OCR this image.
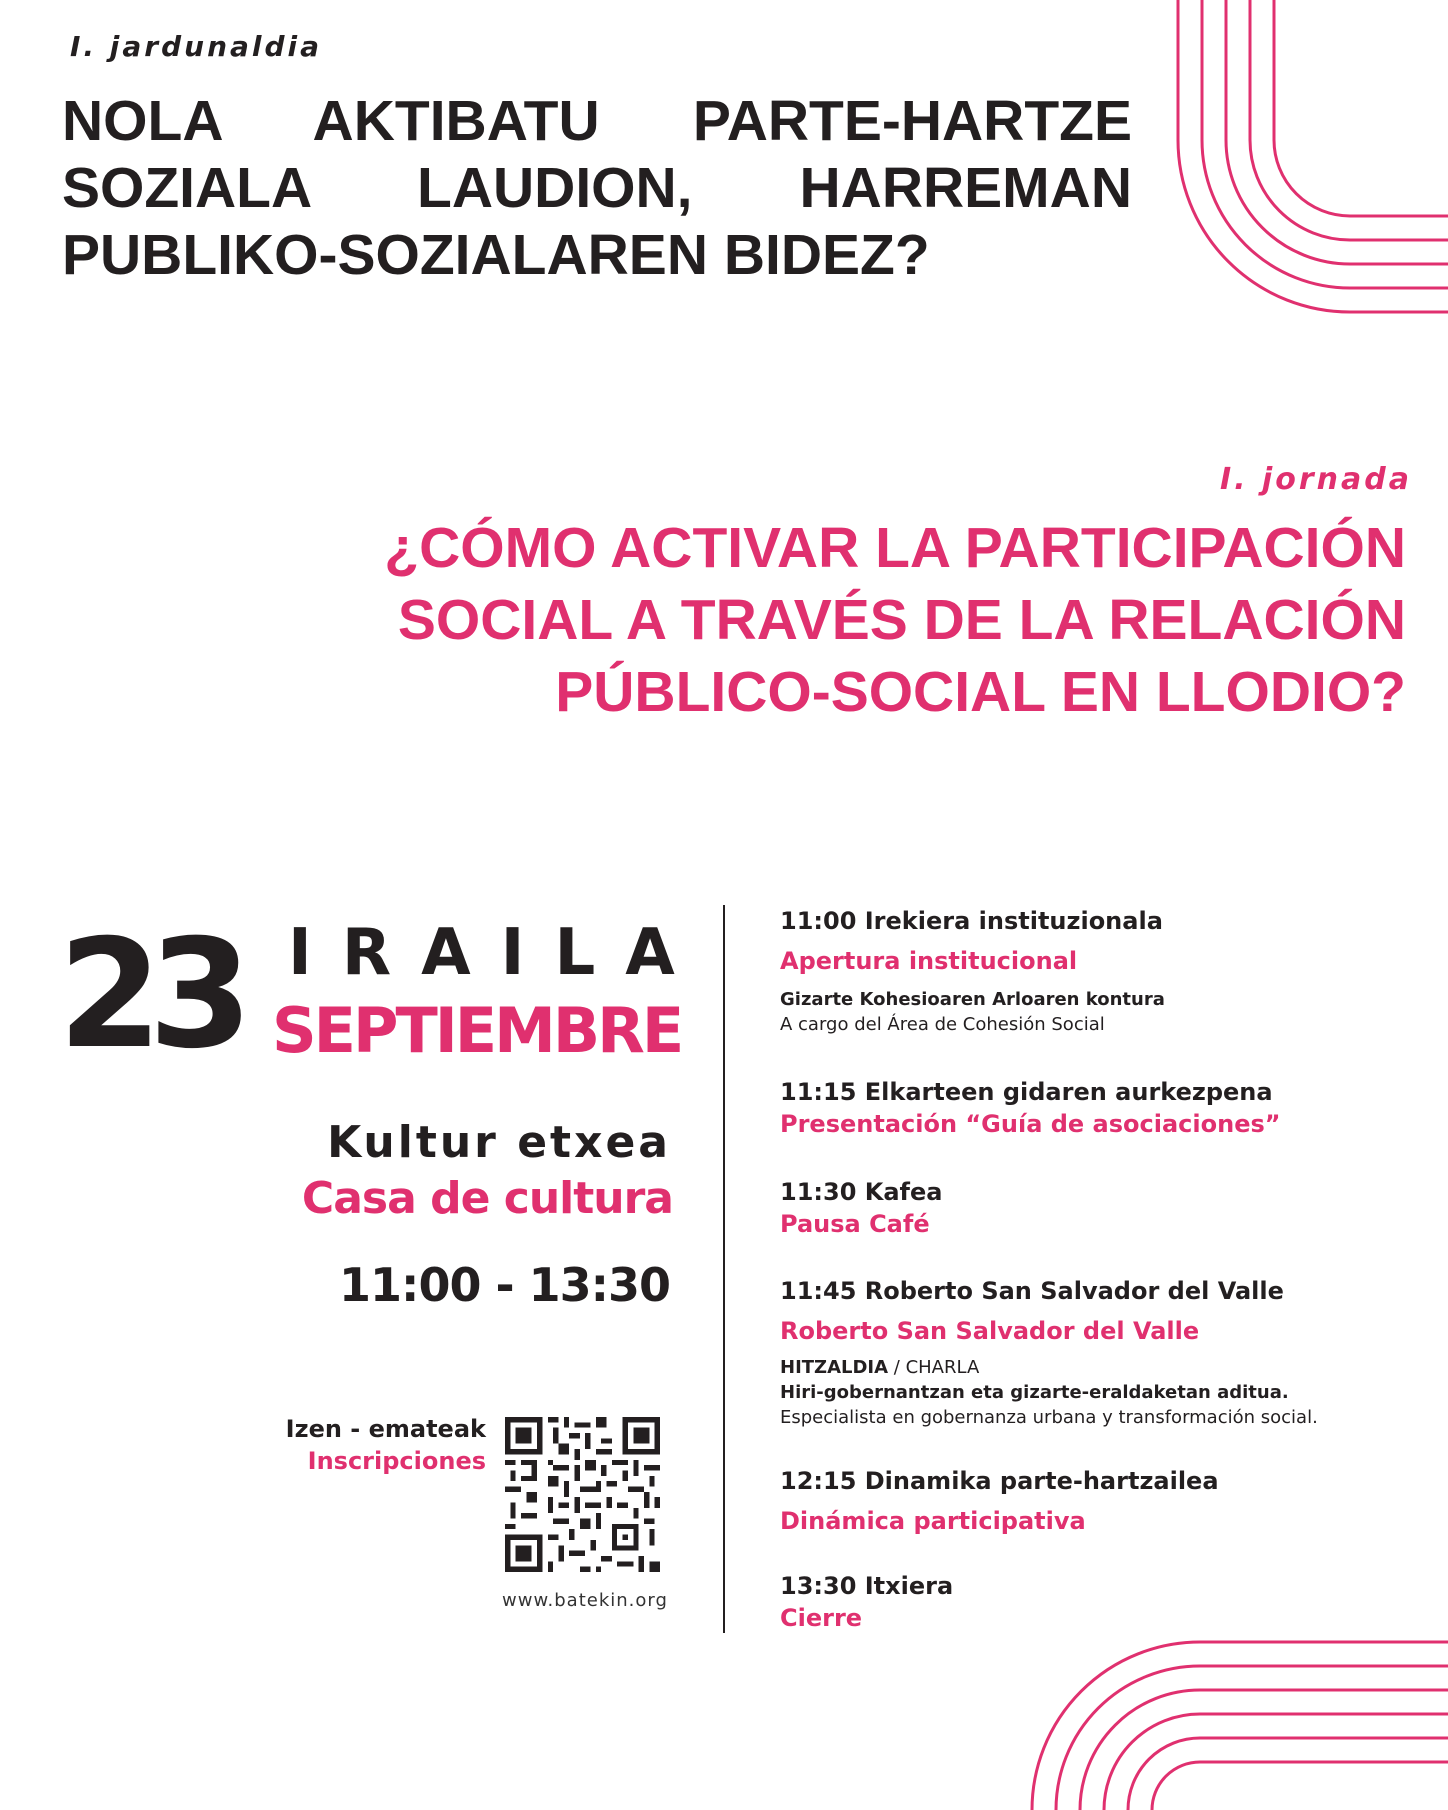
I. jardunaldia
NOLA AKTIBATU PARTE-HARTZE
SOZIALA LAUDION, HARREMAN
PUBLIKO-SOZIALAREN BIDEZ?
I. jornada
¿CÓMO ACTIVAR LA PARTICIPACIÓN
SOCIAL A TRAVÉS DE LA RELACIÓN
PÚBLICO-SOCIAL EN LLODIO?
23 IRAILA
SEPTIEMBRE
Kultur etxea
Casa de cultura
11:00 - 13:30
Izen - emateak
Inscripciones
www.batekin.org
11:00 Irekiera instituzionala
Apertura institucional
Gizarte Kohesioaren Arloaren kontura
A cargo del Área de Cohesión Social
11:15 Elkarteen gidaren aurkezpena
Presentación “Guía de asociaciones”
11:30 Kafea
Pausa Café
11:45 Roberto San Salvador del Valle
Roberto San Salvador del Valle
HITZALDIA / CHARLA
Hiri-gobernantzan eta gizarte-eraldaketan aditua.
Especialista en gobernanza urbana y transformación social.
12:15 Dinamika parte-hartzailea
Dinámica participativa
13:30 Itxiera
Cierre
